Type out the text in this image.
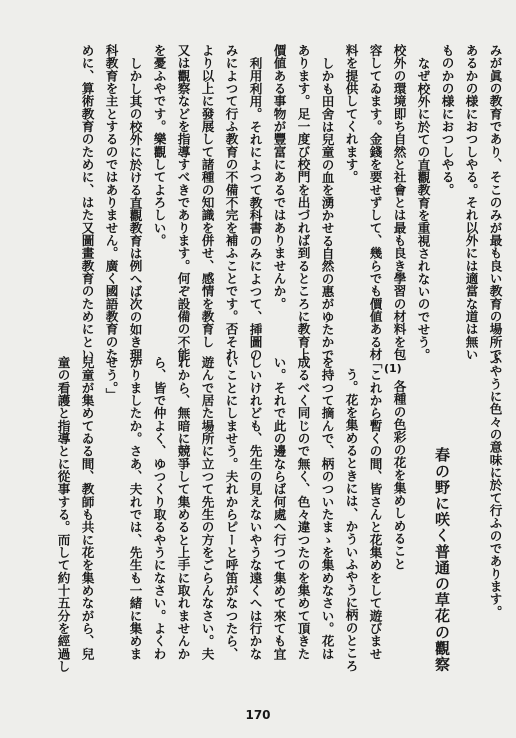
みが眞の教育であり、そこのみが最も良い教育の場所で
あるかの様におつしやる。それ以外には適當な道は無い
ものかの様におつしやる。
なぜ校外に於ての直觀教育を重視されないのでせう。
校外の環境即ち自然と社會とは最も良き學習の材料を包
容してゐます。金錢を要せずして、幾らでも價値ある材
料を提供してくれます。
しかも田舍は兒童の血を湧かせる自然の惠がゆたかで
あります。足一度び校門を出づれば到るところに教育上
價値ある事物が豐富にあるではありませんか。
利用利用。それによつて教科書のみによつて、揷圖の
みによつて行ふ教育の不備不完を補ふことです。否それ
より以上に發展して諸種の知識を併せ、感情を教育し
又は觀察などを指導すべきであります。何ぞ設備の不能
を憂ふやです。樂觀してよろしい。
しかし其の校外に於ける直觀教育は例へば次の如き理
科教育を主とするのではありません。廣く國語教育のた
めに、算術教育のために、はた又圖畫教育のためにとい
ふやうに色々の意味に於て行ふのであります。
春の野に咲く普通の草花の觀察
(1)
各種の色彩の花を集めしめること
「これから暫くの間、皆さんと花集めをして遊びませ
う。花を集めるときには、かういふやうに柄のところ
を持つて摘んで、柄のついたまゝを集めなさい。花は
成るべく同じので無く、色々違つたのを集めて頂きた
い。それで此の邊ならば何處へ行つて集めて來ても宜
しいけれども、先生の見えないやうな遠くへは行かな
いことにしませう。夫れからピーと呼笛がなつたら、
遊んで居た場所に立つて先生の方をごらんなさい。夫
れから、無暗に競爭して集めると上手に取れませんか
ら、皆で仲よく、ゆつくり取るやうになさい。よくわ
かりましたか。さあ、夫れでは、先生も一緒に集めま
せう。」
兒童が集めてゐる間、教師も共に花を集めながら、兒
童の看護と指導とに從事する。而して約十五分を經過し
170
